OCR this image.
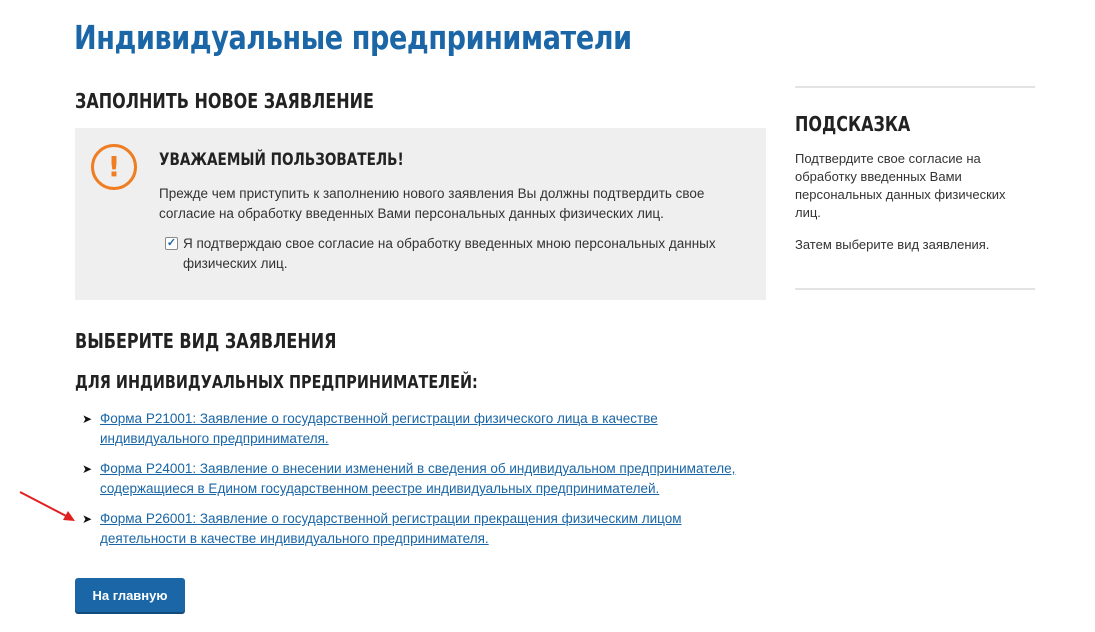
Индивидуальные предприниматели
ЗАПОЛНИТЬ НОВОЕ ЗАЯВЛЕНИЕ
!	УВАЖАЕМЫЙ ПОЛЬЗОВАТЕЛЬ!
Прежде чем приступить к заполнению нового заявления Вы должны подтвердить свое согласие на обработку введенных Вами персональных данных физических лиц.
✓ Я подтверждаю свое согласие на обработку введенных мною персональных данных физических лиц.
ВЫБЕРИТЕ ВИД ЗАЯВЛЕНИЯ
ДЛЯ ИНДИВИДУАЛЬНЫХ ПРЕДПРИНИМАТЕЛЕЙ:
➤ Форма Р21001: Заявление о государственной регистрации физического лица в качестве индивидуального предпринимателя.
➤ Форма Р24001: Заявление о внесении изменений в сведения об индивидуальном предпринимателе, содержащиеся в Едином государственном реестре индивидуальных предпринимателей.
➤ Форма Р26001: Заявление о государственной регистрации прекращения физическим лицом деятельности в качестве индивидуального предпринимателя.
На главную
ПОДСКАЗКА

Подтвердите свое согласие на обработку введенных Вами персональных данных физических лиц.

Затем выберите вид заявления.
